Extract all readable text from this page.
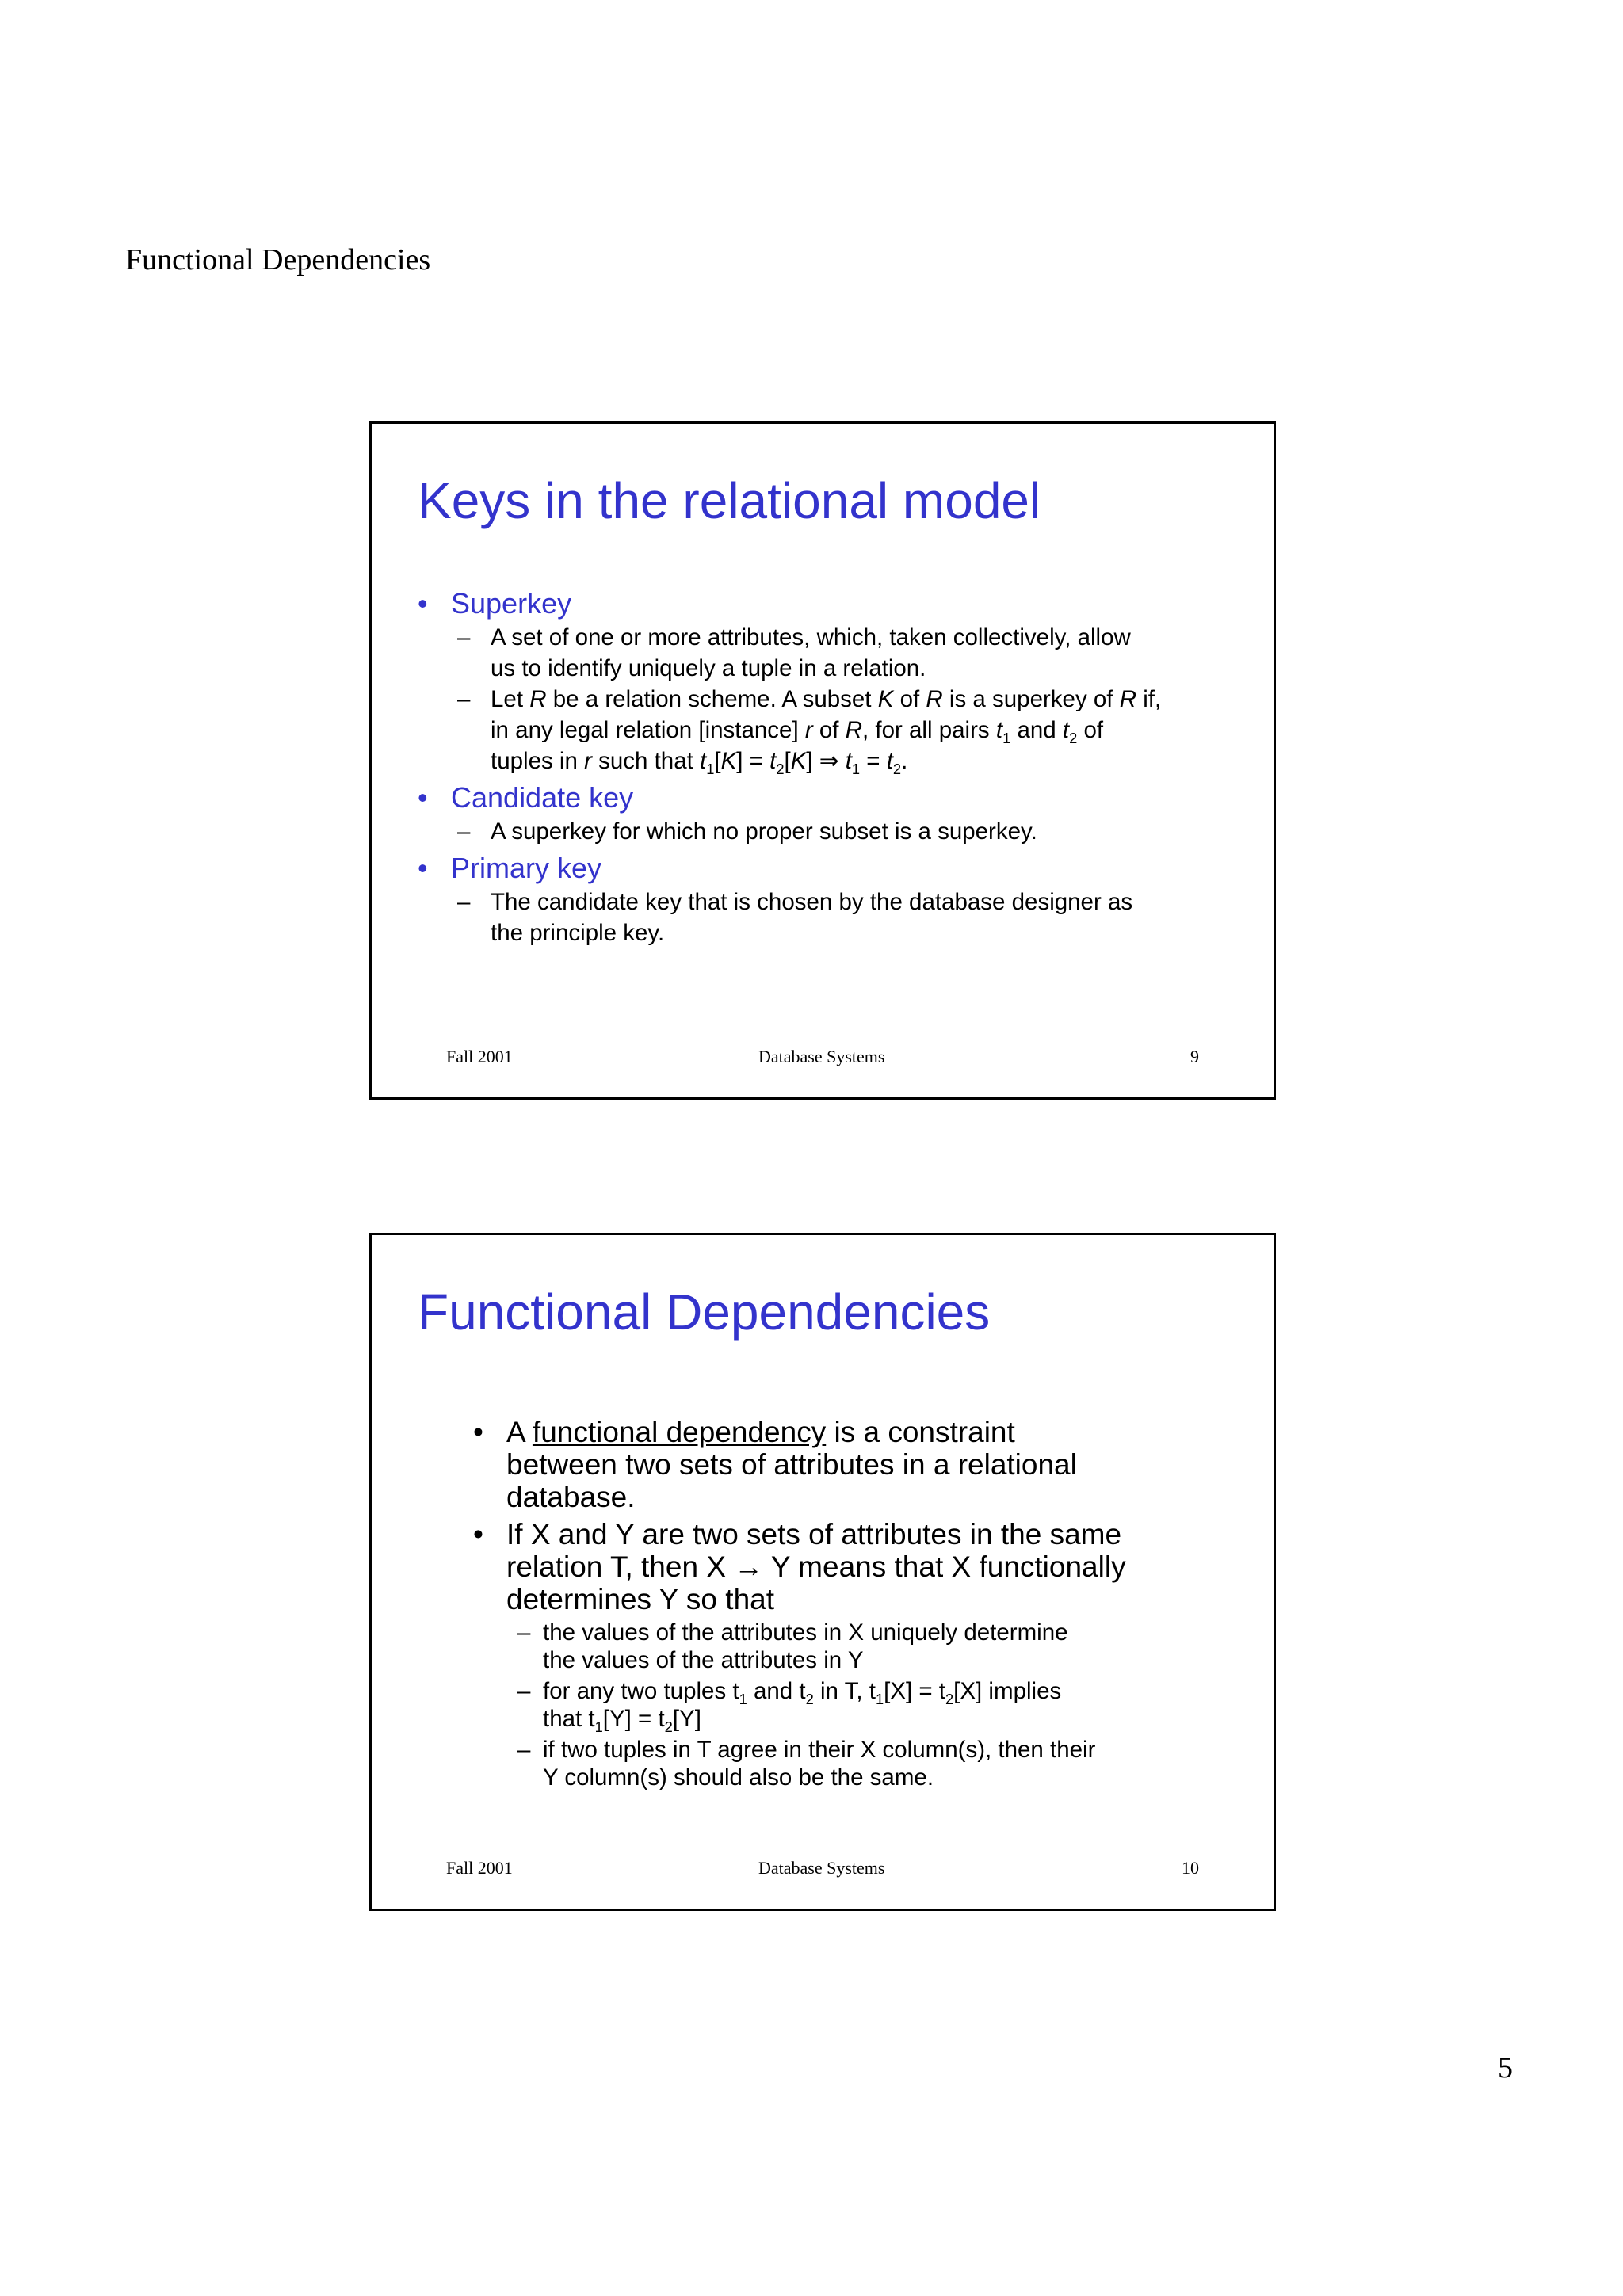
Functional Dependencies
Keys in the relational model
• Superkey
– A set of one or more attributes, which, taken collectively, allow
us to identify uniquely a tuple in a relation.
– Let R be a relation scheme. A subset K of R is a superkey of R if,
in any legal relation [instance] r of R, for all pairs $t_1$ and $t_2$ of
tuples in r such that $t_1[K] = t_2[K]$ ⇒ $t_1 = t_2$.
• Candidate key
– A superkey for which no proper subset is a superkey.
• Primary key
– The candidate key that is chosen by the database designer as
the principle key.
Fall 2001	Database Systems	9
Functional Dependencies
• A functional dependency is a constraint
between two sets of attributes in a relational
database.
• If X and Y are two sets of attributes in the same
relation T, then X → Y means that X functionally
determines Y so that
– the values of the attributes in X uniquely determine
the values of the attributes in Y
– for any two tuples $t_1$ and $t_2$ in T, $t_1[X] = t_2[X]$ implies
that $t_1[Y] = t_2[Y]$
– if two tuples in T agree in their X column(s), then their
Y column(s) should also be the same.
Fall 2001	Database Systems	10
5
